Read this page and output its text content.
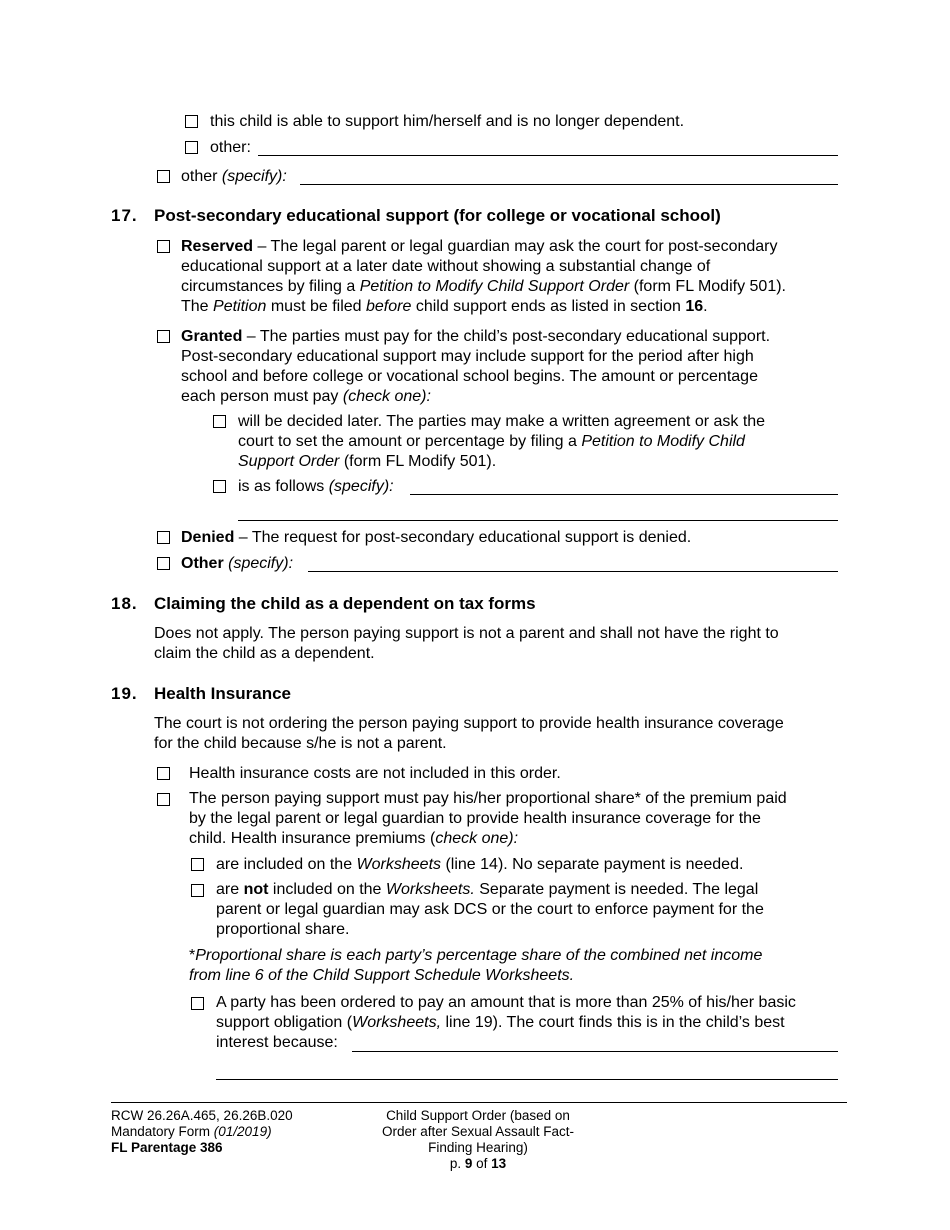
this child is able to support him/herself and is no longer dependent.
other:
other (specify):
17. Post-secondary educational support (for college or vocational school)
Reserved – The legal parent or legal guardian may ask the court for post-secondary
educational support at a later date without showing a substantial change of
circumstances by filing a Petition to Modify Child Support Order (form FL Modify 501).
The Petition must be filed before child support ends as listed in section 16.
Granted – The parties must pay for the child’s post-secondary educational support.
Post-secondary educational support may include support for the period after high
school and before college or vocational school begins. The amount or percentage
each person must pay (check one):
will be decided later. The parties may make a written agreement or ask the
court to set the amount or percentage by filing a Petition to Modify Child
Support Order (form FL Modify 501).
is as follows (specify):
Denied – The request for post-secondary educational support is denied.
Other (specify):
18. Claiming the child as a dependent on tax forms
Does not apply. The person paying support is not a parent and shall not have the right to
claim the child as a dependent.
19. Health Insurance
The court is not ordering the person paying support to provide health insurance coverage
for the child because s/he is not a parent.
Health insurance costs are not included in this order.
The person paying support must pay his/her proportional share* of the premium paid
by the legal parent or legal guardian to provide health insurance coverage for the
child. Health insurance premiums (check one):
are included on the Worksheets (line 14). No separate payment is needed.
are not included on the Worksheets. Separate payment is needed. The legal
parent or legal guardian may ask DCS or the court to enforce payment for the
proportional share.
*Proportional share is each party’s percentage share of the combined net income
from line 6 of the Child Support Schedule Worksheets.
A party has been ordered to pay an amount that is more than 25% of his/her basic
support obligation (Worksheets, line 19). The court finds this is in the child’s best
interest because:
RCW 26.26A.465, 26.26B.020
Mandatory Form (01/2019)
FL Parentage 386
Child Support Order (based on
Order after Sexual Assault Fact-
Finding Hearing)
p. 9 of 13
